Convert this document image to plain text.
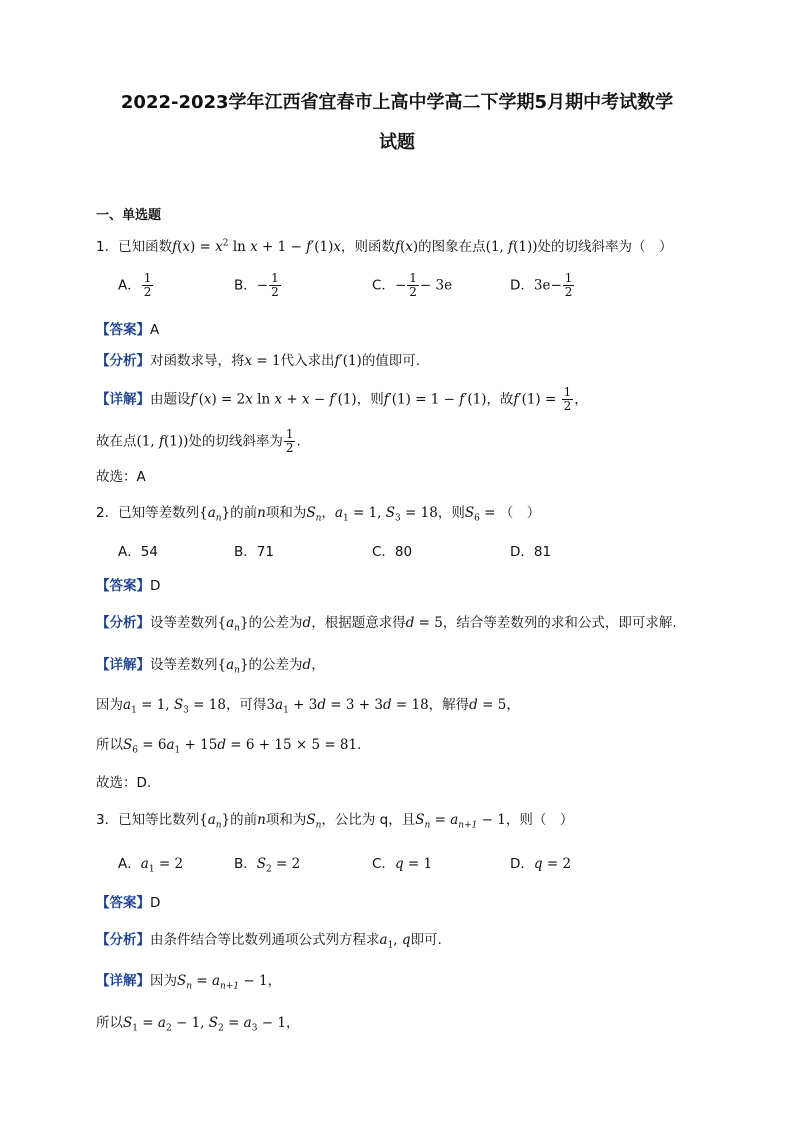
2022-2023学年江西省宜春市上高中学高二下学期5月期中考试数学
试题
一、单选题
1．已知函数$f(x) = x^2$ ln x + 1 − f′(1)x，则函数f(x)的图象在点(1, f(1))处的切线斜率为（　）
A． $\frac{1}{2}$	B．− $\frac{1}{2}$	C．− $\frac{1}{2} - 3e$	D．$3e- \frac{1}{2}$
【答案】A
【分析】对函数求导，将x = 1代入求出f′(1)的值即可.
【详解】由题设f′(x) = 2x ln x + x − f′(1)，则f′(1) = 1 − f′(1)，故$f'(1) = \frac{1}{2}$ ，
故在点(1, f(1))处的切线斜率为 $\frac{1}{2}$ .
故选：A
2．已知等差数列$\{a_n\}$的前n项和为$S_n$，$a_1 = 1$, $S_3 = 18$，则$S_6$ = （　）
A．54	B．71	C．80	D．81
【答案】D
【分析】设等差数列$\{a_n\}$的公差为d，根据题意求得d = 5，结合等差数列的求和公式，即可求解.
【详解】设等差数列$\{a_n\}$的公差为d，
因为$a_1 = 1$, $S_3 = 18$，可得$3a_1 + 3d = 3 + 3d = 18$，解得d = 5，
所以$S_6 = 6a_1 + 15d = 6 + 15 \times 5 = 81$.
故选：D.
3．已知等比数列$\{a_n\}$的前n项和为$S_n$，公比为 q，且$S_n = a_{n+1} - 1$，则（　）
A．$a_1 = 2$	B．$S_2 = 2$	C．q = 1	D．q = 2
【答案】D
【分析】由条件结合等比数列通项公式列方程求$a_1$, q即可.
【详解】因为$S_n = a_{n+1} - 1$，
所以$S_1 = a_2 - 1$, $S_2 = a_3 - 1$，
